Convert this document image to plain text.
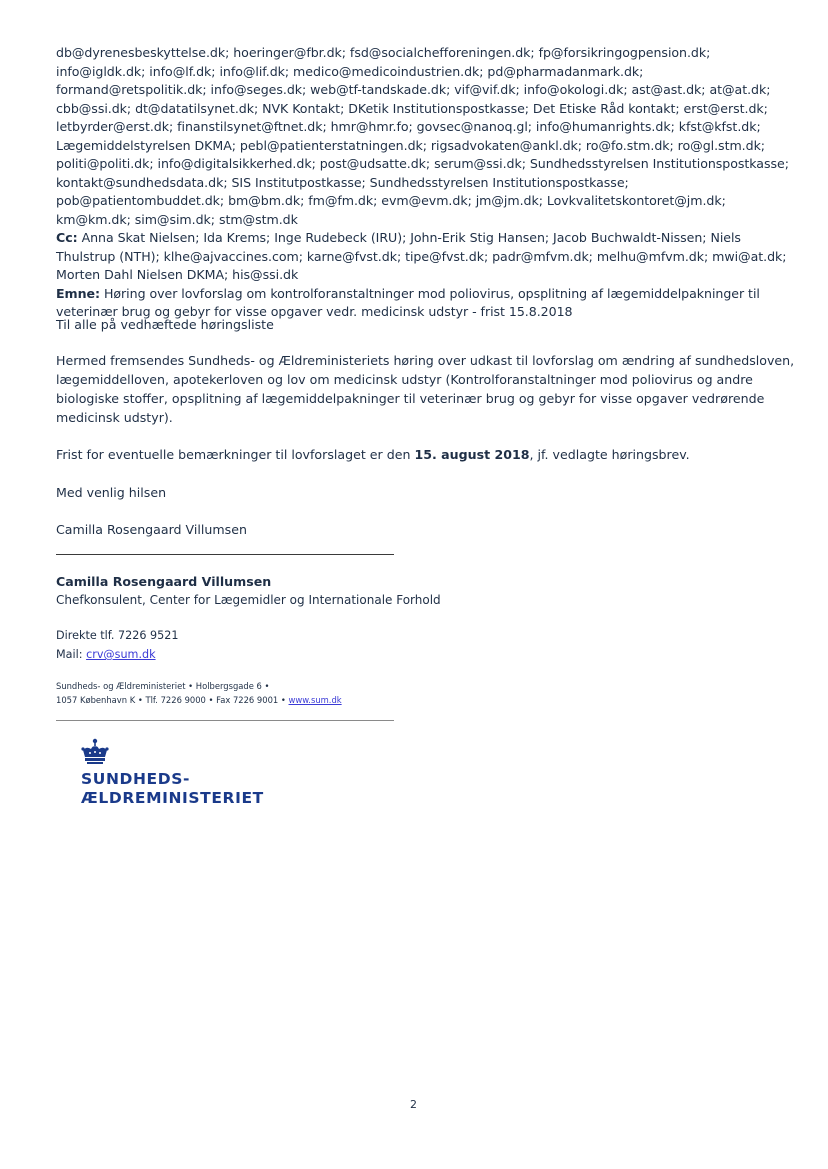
db@dyrenesbeskyttelse.dk; hoeringer@fbr.dk; fsd@socialchefforeningen.dk; fp@forsikringogpension.dk;

info@igldk.dk; info@lf.dk; info@lif.dk; medico@medicoindustrien.dk; pd@pharmadanmark.dk;

formand@retspolitik.dk; info@seges.dk; web@tf-tandskade.dk; vif@vif.dk; info@okologi.dk; ast@ast.dk; at@at.dk;

cbb@ssi.dk; dt@datatilsynet.dk; NVK Kontakt; DKetik Institutionspostkasse; Det Etiske Råd kontakt; erst@erst.dk;

letbyrder@erst.dk; finanstilsynet@ftnet.dk; hmr@hmr.fo; govsec@nanoq.gl; info@humanrights.dk; kfst@kfst.dk;

Lægemiddelstyrelsen DKMA; pebl@patienterstatningen.dk; rigsadvokaten@ankl.dk; ro@fo.stm.dk; ro@gl.stm.dk;

politi@politi.dk; info@digitalsikkerhed.dk; post@udsatte.dk; serum@ssi.dk; Sundhedsstyrelsen Institutionspostkasse;

kontakt@sundhedsdata.dk; SIS Institutpostkasse; Sundhedsstyrelsen Institutionspostkasse;

pob@patientombuddet.dk; bm@bm.dk; fm@fm.dk; evm@evm.dk; jm@jm.dk; Lovkvalitetskontoret@jm.dk;

km@km.dk; sim@sim.dk; stm@stm.dk

Cc: Anna Skat Nielsen; Ida Krems; Inge Rudebeck (IRU); John-Erik Stig Hansen; Jacob Buchwaldt-Nissen; Niels

Thulstrup (NTH); klhe@ajvaccines.com; karne@fvst.dk; tipe@fvst.dk; padr@mfvm.dk; melhu@mfvm.dk; mwi@at.dk;

Morten Dahl Nielsen DKMA; his@ssi.dk

Emne: Høring over lovforslag om kontrolforanstaltninger mod poliovirus, opsplitning af lægemiddelpakninger til

veterinær brug og gebyr for visse opgaver vedr. medicinsk udstyr - frist 15.8.2018

Til alle på vedhæftede høringsliste

Hermed fremsendes Sundheds- og Ældreministeriets høring over udkast til lovforslag om ændring af sundhedsloven,

lægemiddelloven, apotekerloven og lov om medicinsk udstyr (Kontrolforanstaltninger mod poliovirus og andre

biologiske stoffer, opsplitning af lægemiddelpakninger til veterinær brug og gebyr for visse opgaver vedrørende

medicinsk udstyr).

Frist for eventuelle bemærkninger til lovforslaget er den 15. august 2018, jf. vedlagte høringsbrev.

Med venlig hilsen

Camilla Rosengaard Villumsen

Camilla Rosengaard Villumsen
Chefkonsulent, Center for Lægemidler og Internationale Forhold
Direkte tlf. 7226 9521
Mail: crv@sum.dk
Sundheds- og Ældreministeriet • Holbergsgade 6 •
1057 København K • Tlf. 7226 9000 • Fax 7226 9001 • www.sum.dk
SUNDHEDS-
ÆLDREMINISTERIET
2
